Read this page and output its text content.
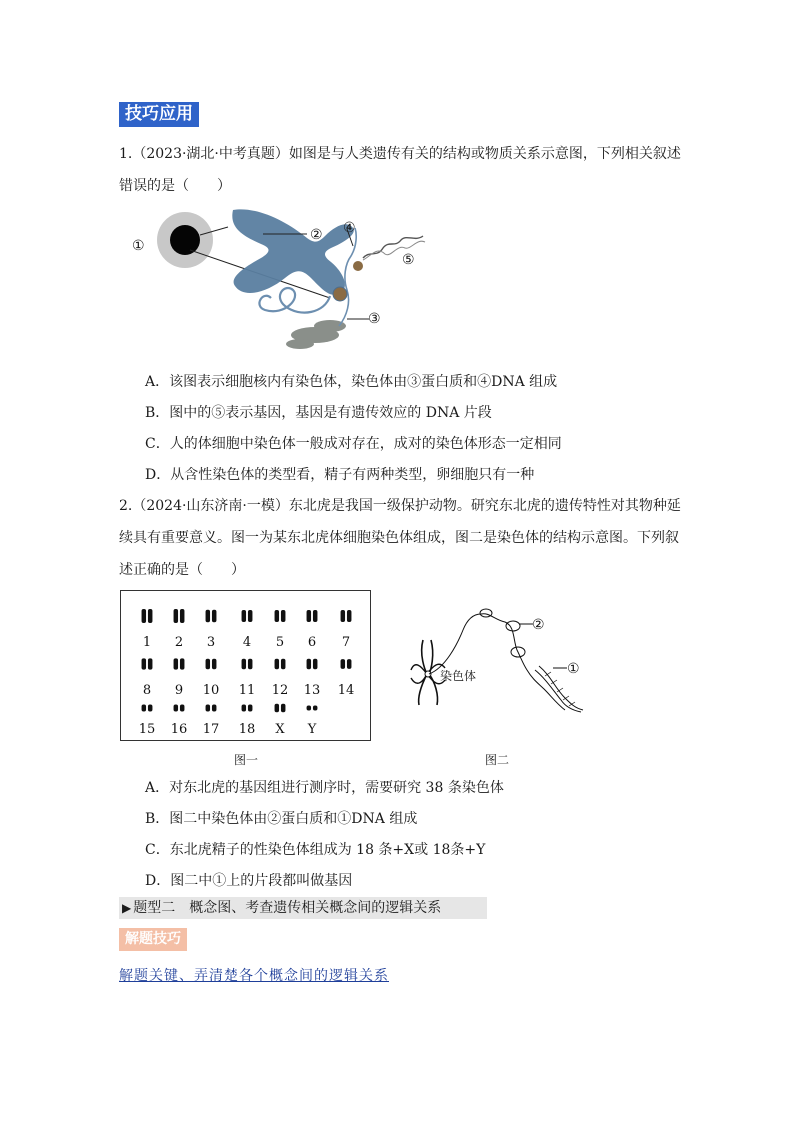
技巧应用
1.（2023·湖北·中考真题）如图是与人类遗传有关的结构或物质关系示意图，下列相关叙述
错误的是（　　）
①
②
③
④
⑤
A．该图表示细胞核内有染色体，染色体由③蛋白质和④DNA 组成
B．图中的⑤表示基因，基因是有遗传效应的 DNA 片段
C．人的体细胞中染色体一般成对存在，成对的染色体形态一定相同
D．从含性染色体的类型看，精子有两种类型，卵细胞只有一种
2.（2024·山东济南·一模）东北虎是我国一级保护动物。研究东北虎的遗传特性对其物种延
续具有重要意义。图一为某东北虎体细胞染色体组成，图二是染色体的结构示意图。下列叙
述正确的是（　　）
1 2 3 4 5 6 7
8 9 10 11 12 13 14
15 16 17 18 X Y
②
①
染色体
图一	图二
A．对东北虎的基因组进行测序时，需要研究 38 条染色体
B．图二中染色体由②蛋白质和①DNA 组成
C．东北虎精子的性染色体组成为 18 条+X或 18条+Y
D．图二中①上的片段都叫做基因
▶ 题型二　概念图、考查遗传相关概念间的逻辑关系
解题技巧
解题关键、弄清楚各个概念间的逻辑关系
